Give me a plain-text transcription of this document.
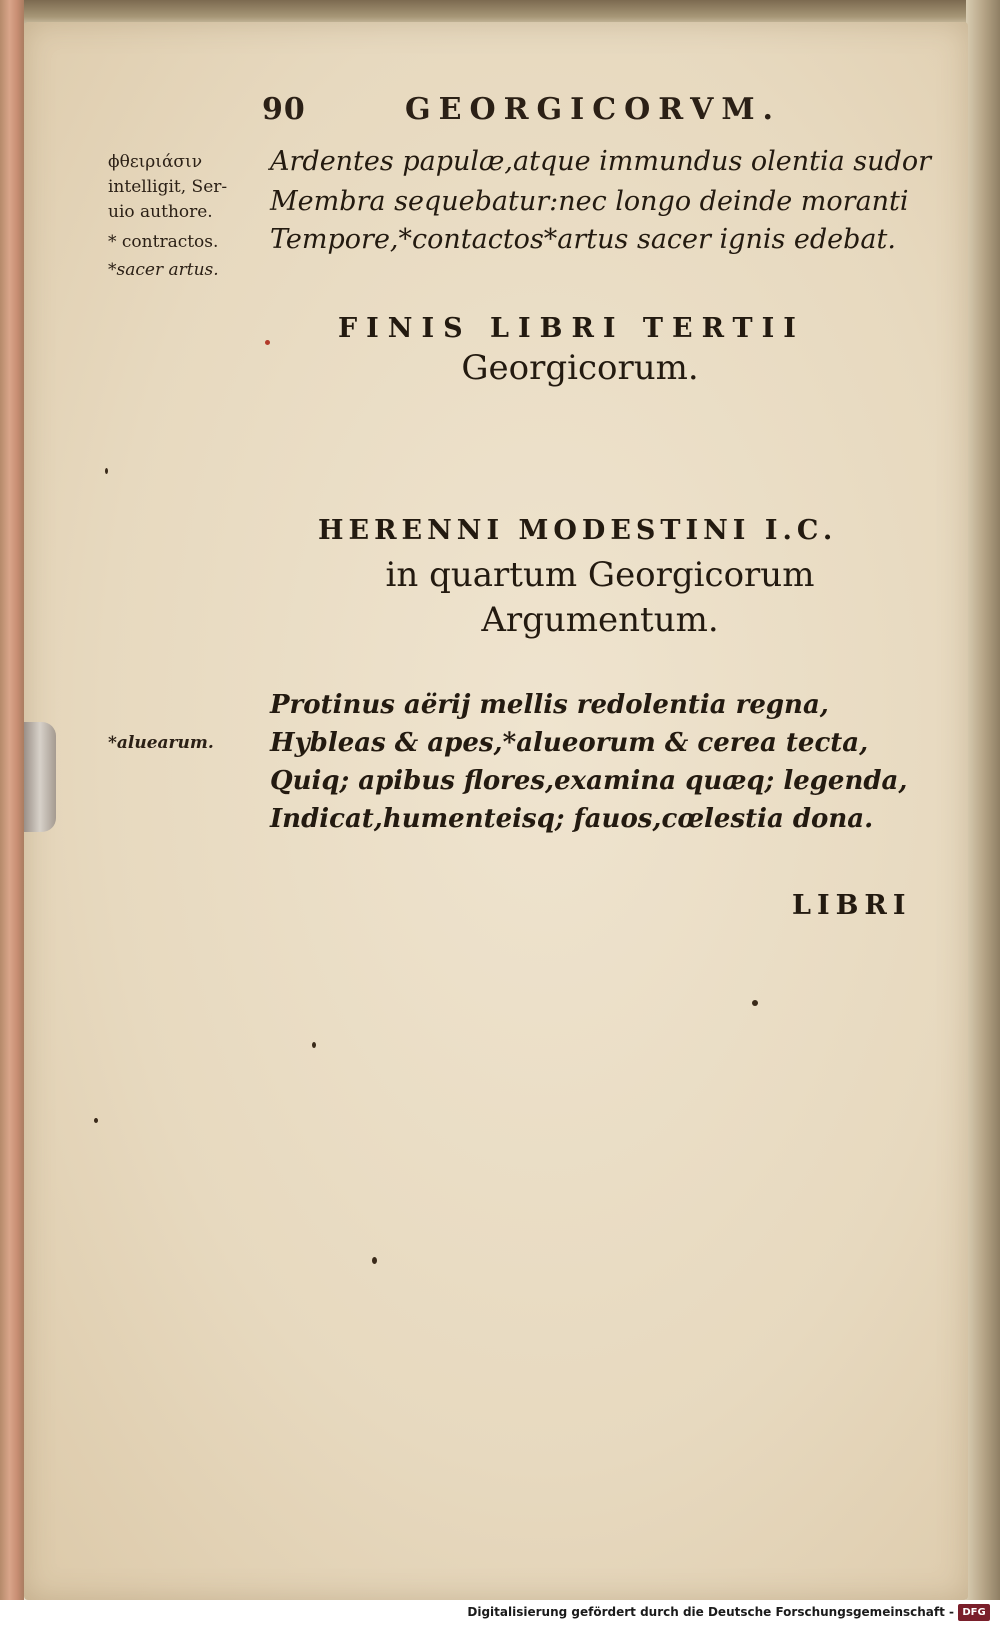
90	GEORGICORVM.
ϕθειριάσιν
intelligit, Ser-
uio authore.
* contractos.
*sacer artus.
*aluearum.
Ardentes papulæ,atque immundus olentia sudor
Membra sequebatur:nec longo deinde moranti
Tempore,*contactos*artus sacer ignis edebat.
FINIS LIBRI TERTII
Georgicorum.
HERENNI MODESTINI I.C.
in quartum Georgicorum
Argumentum.
Protinus aërij mellis redolentia regna,
Hybleas & apes,*alueorum & cerea tecta,
Quiq; apibus flores,examina quæq; legenda,
Indicat,humenteisq; fauos,cœlestia dona.
LIBRI
Digitalisierung gefördert durch die Deutsche Forschungsgemeinschaft - DFG
